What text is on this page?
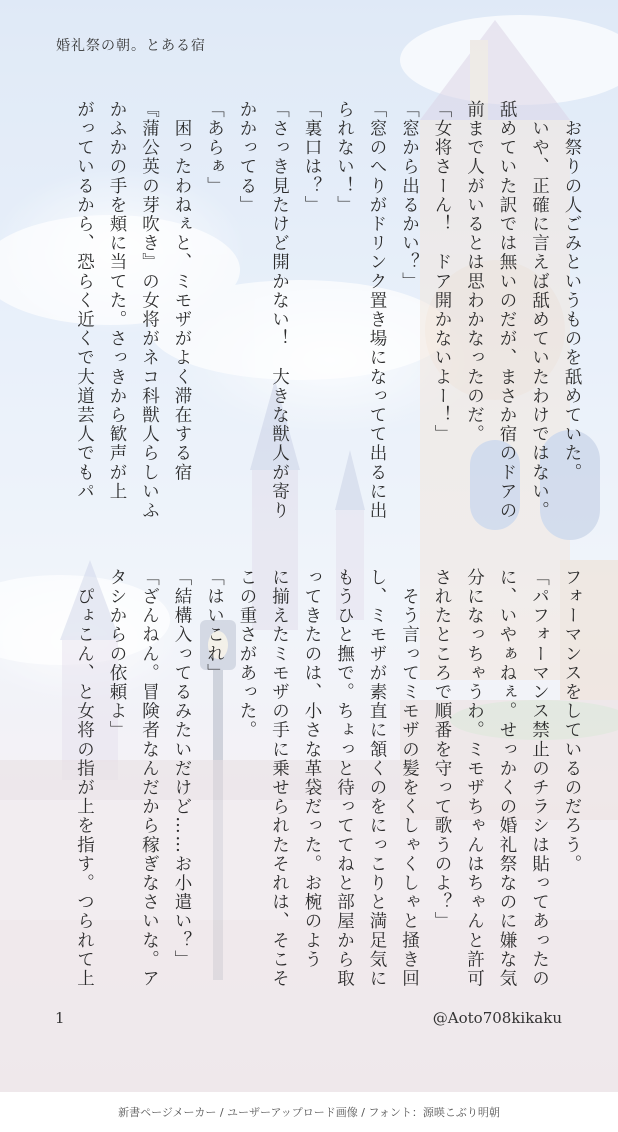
婚礼祭の朝。とある宿
　お祭りの人ごみというものを舐めていた。
　いや、正確に言えば舐めていたわけではない。
舐めていた訳では無いのだが、まさか宿のドアの
前まで人がいるとは思わかなったのだ。
「女将さーん！　ドア開かないよー！」
「窓から出るかい？」
「窓のへりがドリンク置き場になってて出るに出
られない！」
「裏口は？」
「さっき見たけど開かない！　大きな獣人が寄り
かかってる」
「あらぁ」
　困ったわねぇと、ミモザがよく滞在する宿
『蒲公英の芽吹き』の女将がネコ科獣人らしいふ
かふかの手を頬に当てた。さっきから歓声が上
がっているから、恐らく近くで大道芸人でもパ
フォーマンスをしているのだろう。
「パフォーマンス禁止のチラシは貼ってあったの
に、いやぁねぇ。せっかくの婚礼祭なのに嫌な気
分になっちゃうわ。ミモザちゃんはちゃんと許可
されたところで順番を守って歌うのよ？」
　そう言ってミモザの髪をくしゃくしゃと掻き回
し、ミモザが素直に頷くのをにっこりと満足気に
もうひと撫で。ちょっと待っててねと部屋から取
ってきたのは、小さな革袋だった。お椀のよう
に揃えたミモザの手に乗せられたそれは、そこそ
この重さがあった。
「はいこれ」
「結構入ってるみたいだけど……お小遣い？」
「ざんねん。冒険者なんだから稼ぎなさいな。ア
タシからの依頼よ」
　ぴょこん、と女将の指が上を指す。つられて上
1	@Aoto708kikaku
新書ページメーカー / ユーザーアップロード画像 / フォント：源暎こぶり明朝
